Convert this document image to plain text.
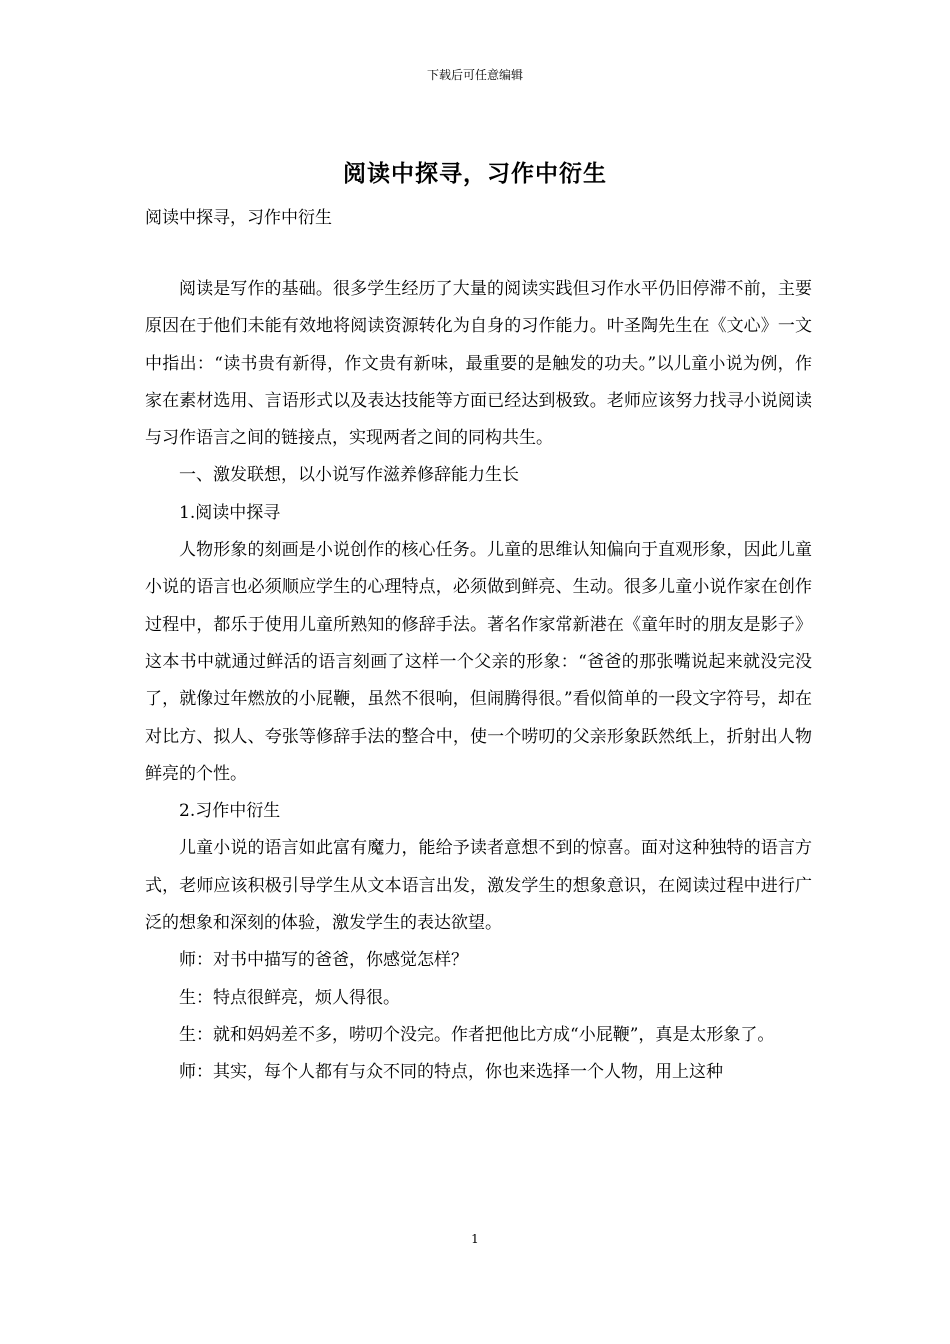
下载后可任意编辑
阅读中探寻，习作中衍生
阅读中探寻，习作中衍生

阅读是写作的基础。很多学生经历了大量的阅读实践但习作水平仍旧停滞不前，主要原因在于他们未能有效地将阅读资源转化为自身的习作能力。叶圣陶先生在《文心》一文中指出：“读书贵有新得，作文贵有新味，最重要的是触发的功夫。”以儿童小说为例，作家在素材选用、言语形式以及表达技能等方面已经达到极致。老师应该努力找寻小说阅读与习作语言之间的链接点，实现两者之间的同构共生。

一、激发联想，以小说写作滋养修辞能力生长

1.阅读中探寻

人物形象的刻画是小说创作的核心任务。儿童的思维认知偏向于直观形象，因此儿童小说的语言也必须顺应学生的心理特点，必须做到鲜亮、生动。很多儿童小说作家在创作过程中，都乐于使用儿童所熟知的修辞手法。著名作家常新港在《童年时的朋友是影子》这本书中就通过鲜活的语言刻画了这样一个父亲的形象：“爸爸的那张嘴说起来就没完没了，就像过年燃放的小屁鞭，虽然不很响，但闹腾得很。”看似简单的一段文字符号，却在对比方、拟人、夸张等修辞手法的整合中，使一个唠叨的父亲形象跃然纸上，折射出人物鲜亮的个性。

2.习作中衍生

儿童小说的语言如此富有魔力，能给予读者意想不到的惊喜。面对这种独特的语言方式，老师应该积极引导学生从文本语言出发，激发学生的想象意识，在阅读过程中进行广泛的想象和深刻的体验，激发学生的表达欲望。

师：对书中描写的爸爸，你感觉怎样？

生：特点很鲜亮，烦人得很。

生：就和妈妈差不多，唠叨个没完。作者把他比方成“小屁鞭”，真是太形象了。

师：其实，每个人都有与众不同的特点，你也来选择一个人物，用上这种

1
